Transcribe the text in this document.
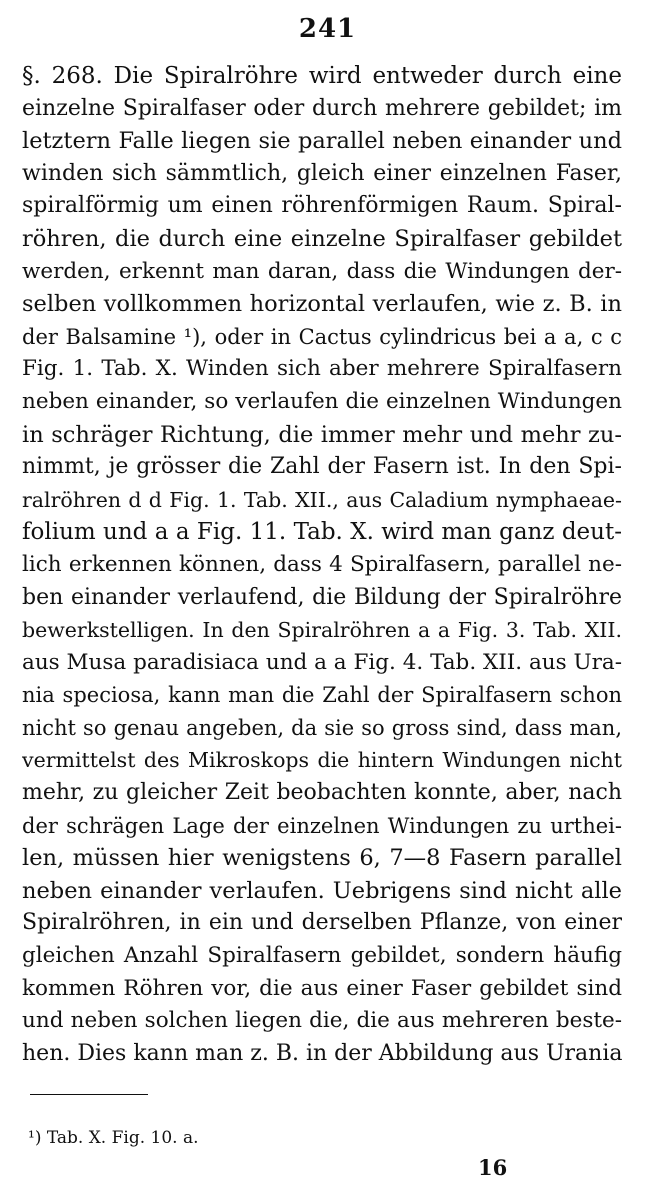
241
§. 268. Die Spiralröhre wird entweder durch eine
einzelne Spiralfaser oder durch mehrere gebildet; im
letztern Falle liegen sie parallel neben einander und
winden sich sämmtlich, gleich einer einzelnen Faser,
spiralförmig um einen röhrenförmigen Raum. Spiral-
röhren, die durch eine einzelne Spiralfaser gebildet
werden, erkennt man daran, dass die Windungen der-
selben vollkommen horizontal verlaufen, wie z. B. in
der Balsamine ¹), oder in Cactus cylindricus bei a a, c c
Fig. 1. Tab. X. Winden sich aber mehrere Spiralfasern
neben einander, so verlaufen die einzelnen Windungen
in schräger Richtung, die immer mehr und mehr zu-
nimmt, je grösser die Zahl der Fasern ist. In den Spi-
ralröhren d d Fig. 1. Tab. XII., aus Caladium nymphaeae-
folium und a a Fig. 11. Tab. X. wird man ganz deut-
lich erkennen können, dass 4 Spiralfasern, parallel ne-
ben einander verlaufend, die Bildung der Spiralröhre
bewerkstelligen. In den Spiralröhren a a Fig. 3. Tab. XII.
aus Musa paradisiaca und a a Fig. 4. Tab. XII. aus Ura-
nia speciosa, kann man die Zahl der Spiralfasern schon
nicht so genau angeben, da sie so gross sind, dass man,
vermittelst des Mikroskops die hintern Windungen nicht
mehr, zu gleicher Zeit beobachten konnte, aber, nach
der schrägen Lage der einzelnen Windungen zu urthei-
len, müssen hier wenigstens 6, 7—8 Fasern parallel
neben einander verlaufen. Uebrigens sind nicht alle
Spiralröhren, in ein und derselben Pflanze, von einer
gleichen Anzahl Spiralfasern gebildet, sondern häufig
kommen Röhren vor, die aus einer Faser gebildet sind
und neben solchen liegen die, die aus mehreren beste-
hen. Dies kann man z. B. in der Abbildung aus Urania
¹) Tab. X. Fig. 10. a.
16
